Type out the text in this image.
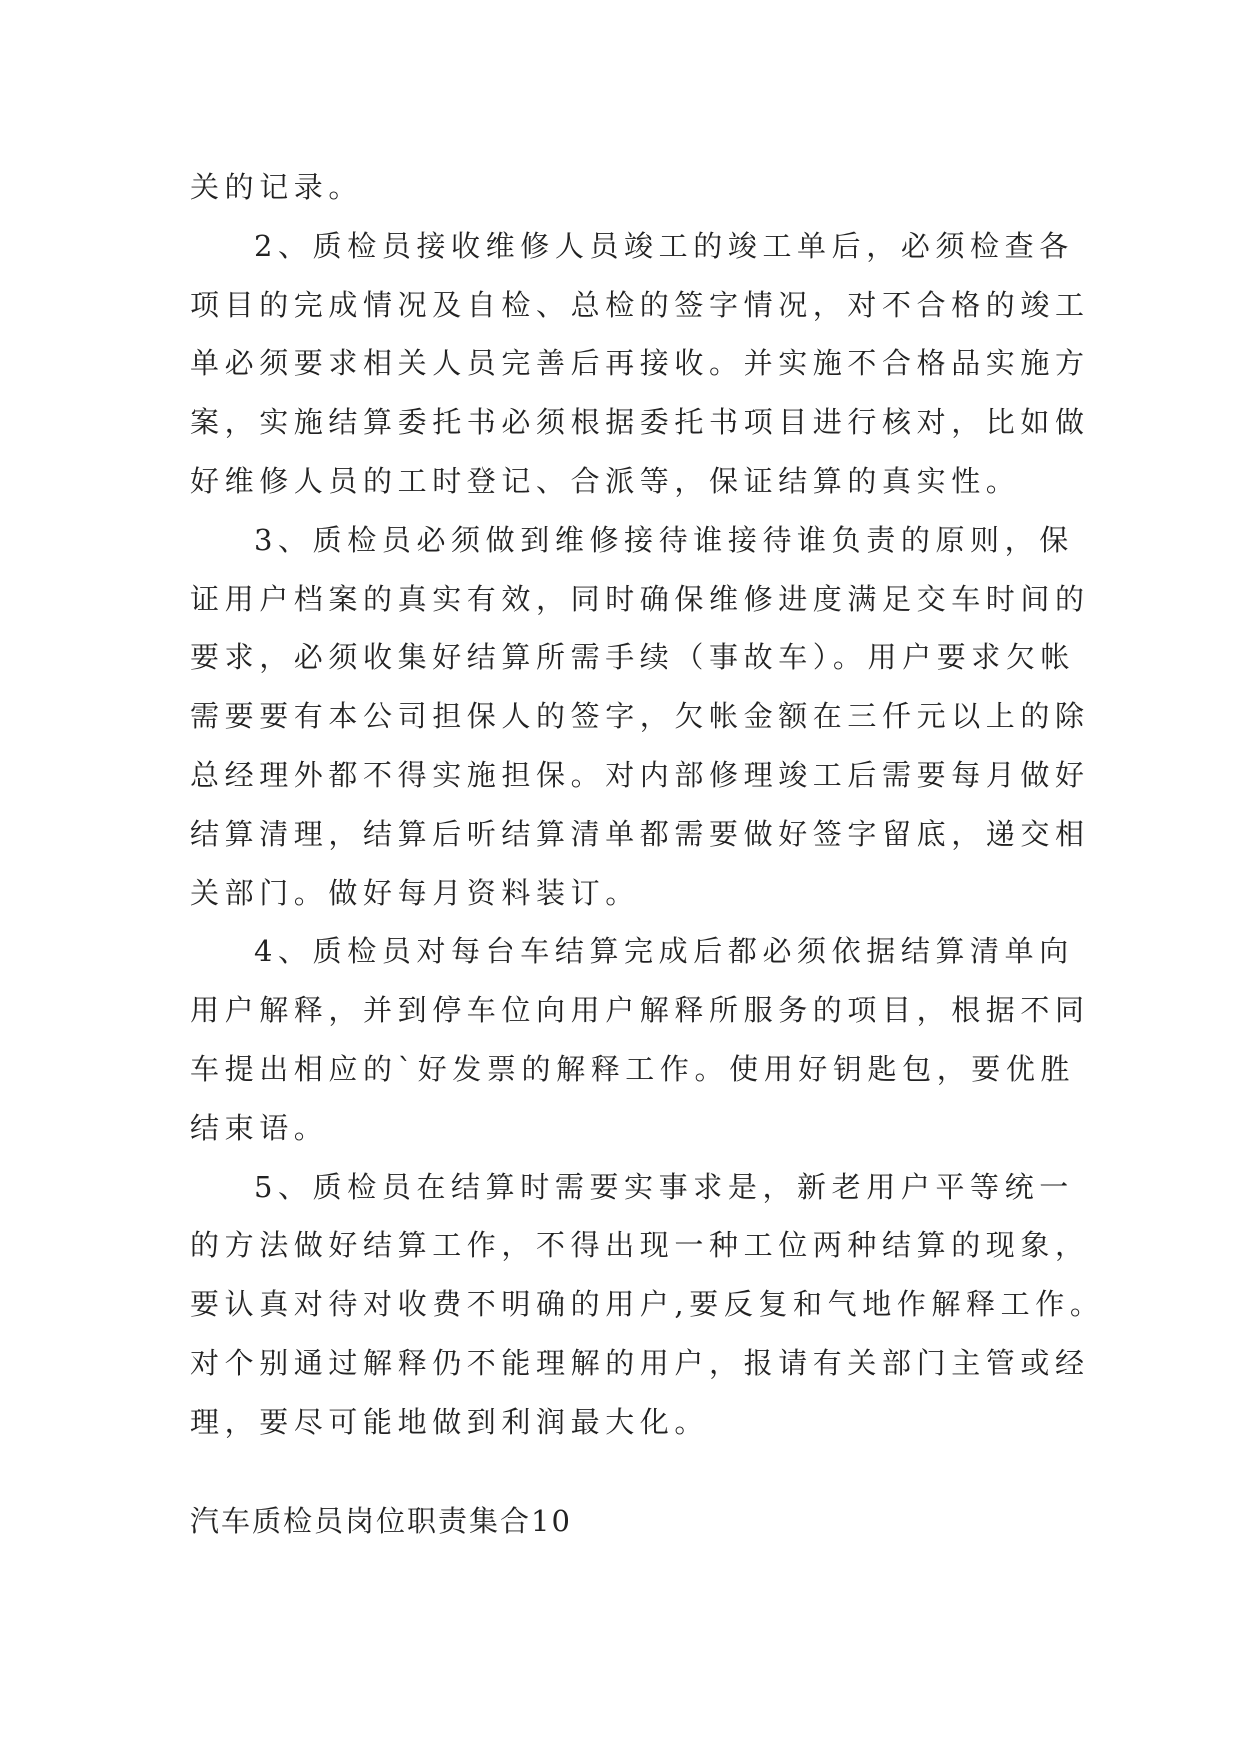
关的记录。
2、质检员接收维修人员竣工的竣工单后，必须检查各
项目的完成情况及自检、总检的签字情况，对不合格的竣工
单必须要求相关人员完善后再接收。并实施不合格品实施方
案，实施结算委托书必须根据委托书项目进行核对，比如做
好维修人员的工时登记、合派等，保证结算的真实性。
3、质检员必须做到维修接待谁接待谁负责的原则，保
证用户档案的真实有效，同时确保维修进度满足交车时间的
要求，必须收集好结算所需手续（事故车）。用户要求欠帐
需要要有本公司担保人的签字，欠帐金额在三仟元以上的除
总经理外都不得实施担保。对内部修理竣工后需要每月做好
结算清理，结算后听结算清单都需要做好签字留底，递交相
关部门。做好每月资料装订。
4、质检员对每台车结算完成后都必须依据结算清单向
用户解释，并到停车位向用户解释所服务的项目，根据不同
车提出相应的`好发票的解释工作。使用好钥匙包，要优胜
结束语。
5、质检员在结算时需要实事求是，新老用户平等统一
的方法做好结算工作，不得出现一种工位两种结算的现象，
要认真对待对收费不明确的用户,要反复和气地作解释工作。
对个别通过解释仍不能理解的用户，报请有关部门主管或经
理，要尽可能地做到利润最大化。
汽车质检员岗位职责集合10
